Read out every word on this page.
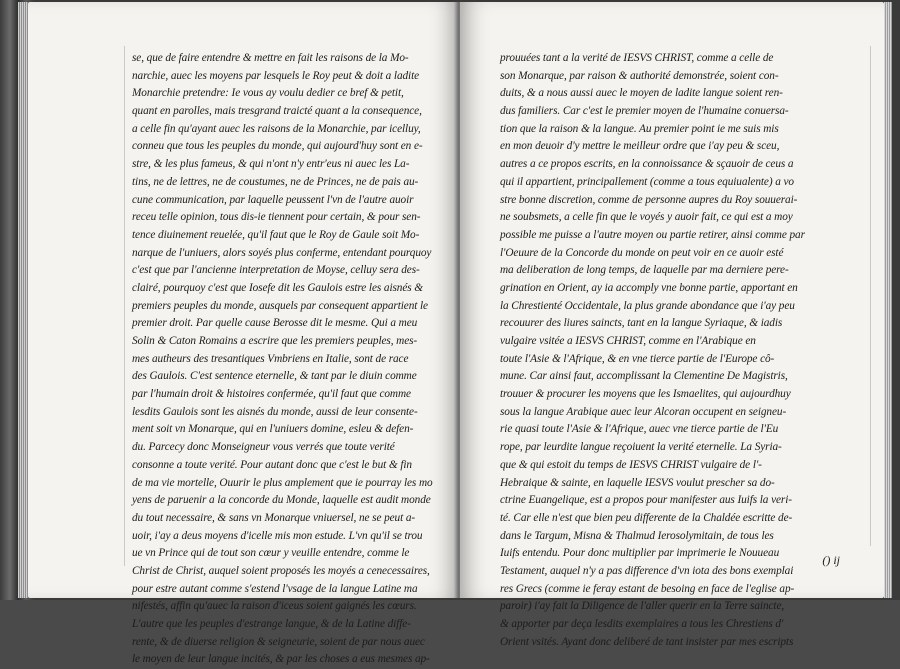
se, que de faire entendre & mettre en fait les raisons de la Mo-
narchie, auec les moyens par lesquels le Roy peut & doit a ladite
Monarchie pretendre: Ie vous ay voulu dedier ce bref & petit,
quant en parolles, mais tresgrand traicté quant a la consequence,
a celle fin qu'ayant auec les raisons de la Monarchie, par icelluy,
conneu que tous les peuples du monde, qui aujourd'huy sont en e-
stre, & les plus fameus, & qui n'ont n'y entr'eus ni auec les La-
tins, ne de lettres, ne de coustumes, ne de Princes, ne de pais au-
cune communication, par laquelle peussent l'vn de l'autre auoir
receu telle opinion, tous dis-ie tiennent pour certain, & pour sen-
tence diuinement reuelée, qu'il faut que le Roy de Gaule soit Mo-
narque de l'uniuers, alors soyés plus conferme, entendant pourquoy
c'est que par l'ancienne interpretation de Moyse, celluy sera des-
clairé, pourquoy c'est que Iosefe dit les Gaulois estre les aisnés &
premiers peuples du monde, ausquels par consequent appartient le
premier droit. Par quelle cause Berosse dit le mesme. Qui a meu
Solin & Caton Romains a escrire que les premiers peuples, mes-
mes autheurs des tresantiques Vmbriens en Italie, sont de race
des Gaulois. C'est sentence eternelle, & tant par le diuin comme
par l'humain droit & histoires confermée, qu'il faut que comme
lesdits Gaulois sont les aisnés du monde, aussi de leur consente-
ment soit vn Monarque, qui en l'uniuers domine, esleu & defen-
du. Parcecy donc Monseigneur vous verrés que toute verité
consonne a toute verité. Pour autant donc que c'est le but & fin
de ma vie mortelle, Ouurir le plus amplement que ie pourray les mo
yens de paruenir a la concorde du Monde, laquelle est audit monde
du tout necessaire, & sans vn Monarque vniuersel, ne se peut a-
uoir, i'ay a deus moyens d'icelle mis mon estude. L'vn qu'il se trou
ue vn Prince qui de tout son cœur y veuille entendre, comme le
Christ de Christ, auquel soient proposés les moyés a cenecessaires,
pour estre autant comme s'estend l'vsage de la langue Latine ma
nifestés, affin qu'auec la raison d'iceus soient gaignés les cœurs.
L'autre que les peuples d'estrange langue, & de la Latine diffe-
rente, & de diuerse religion & seigneurie, soient de par nous auec
le moyen de leur langue incités, & par les choses a eus mesmes ap-
prouuées tant a la verité de IESVS CHRIST, comme a celle de
son Monarque, par raison & authorité demonstrée, soient con-
duits, & a nous aussi auec le moyen de ladite langue soient ren-
dus familiers. Car c'est le premier moyen de l'humaine conuersa-
tion que la raison & la langue. Au premier point ie me suis mis
en mon deuoir d'y mettre le meilleur ordre que i'ay peu & sceu,
autres a ce propos escrits, en la connoissance & sçauoir de ceus a
qui il appartient, principallement (comme a tous equiualente) a vo
stre bonne discretion, comme de personne aupres du Roy souuerai-
ne soubsmets, a celle fin que le voyés y auoir fait, ce qui est a moy
possible me puisse a l'autre moyen ou partie retirer, ainsi comme par
l'Oeuure de la Concorde du monde on peut voir en ce auoir esté
ma deliberation de long temps, de laquelle par ma derniere pere-
grination en Orient, ay ia accomply vne bonne partie, apportant en
la Chrestienté Occidentale, la plus grande abondance que i'ay peu
recouurer des liures saincts, tant en la langue Syriaque, & iadis
vulgaire vsitée a IESVS CHRIST, comme en l'Arabique en
toute l'Asie & l'Afrique, & en vne tierce partie de l'Europe cô-
mune. Car ainsi faut, accomplissant la Clementine De Magistris,
trouuer & procurer les moyens que les Ismaelites, qui aujourdhuy
sous la langue Arabique auec leur Alcoran occupent en seigneu-
rie quasi toute l'Asie & l'Afrique, auec vne tierce partie de l'Eu
rope, par leurdite langue reçoiuent la verité eternelle. La Syria-
que & qui estoit du temps de IESVS CHRIST vulgaire de l'-
Hebraique & sainte, en laquelle IESVS voulut prescher sa do-
ctrine Euangelique, est a propos pour manifester aus Iuifs la veri-
té. Car elle n'est que bien peu differente de la Chaldée escritte de-
dans le Targum, Misna & Thalmud Ierosolymitain, de tous les
Iuifs entendu. Pour donc multiplier par imprimerie le Nouueau
Testament, auquel n'y a pas difference d'vn iota des bons exemplai
res Grecs (comme ie feray estant de besoing en face de l'eglise ap-
paroir) i'ay fait la Diligence de l'aller querir en la Terre saincte,
& apporter par deça lesdits exemplaires a tous les Chrestiens d'
Orient vsités. Ayant donc deliberé de tant insister par mes escripts
() ij
